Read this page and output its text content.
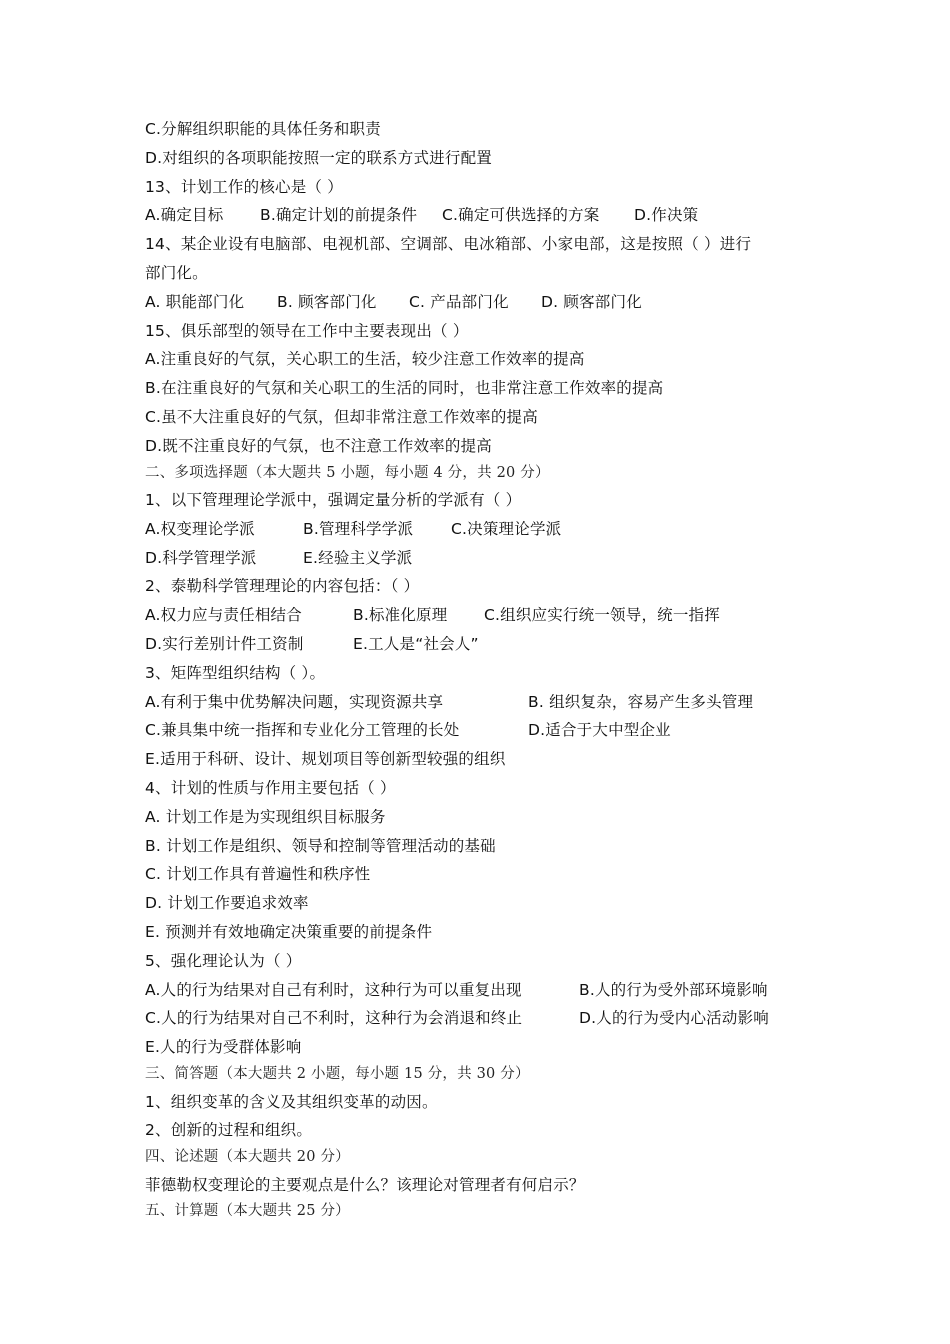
C.分解组织职能的具体任务和职责
D.对组织的各项职能按照一定的联系方式进行配置
13、计划工作的核心是（ ）
A.确定目标	B.确定计划的前提条件	C.确定可供选择的方案	D.作决策
14、某企业设有电脑部、电视机部、空调部、电冰箱部、小家电部，这是按照（ ）进行
部门化。
A. 职能部门化	B. 顾客部门化	C. 产品部门化	D. 顾客部门化
15、俱乐部型的领导在工作中主要表现出（ ）
A.注重良好的气氛，关心职工的生活，较少注意工作效率的提高
B.在注重良好的气氛和关心职工的生活的同时，也非常注意工作效率的提高
C.虽不大注重良好的气氛，但却非常注意工作效率的提高
D.既不注重良好的气氛，也不注意工作效率的提高
二、多项选择题（本大题共 5 小题，每小题 4 分，共 20 分）
1、以下管理理论学派中，强调定量分析的学派有（ ）
A.权变理论学派	B.管理科学学派	C.决策理论学派
D.科学管理学派	E.经验主义学派
2、泰勒科学管理理论的内容包括：（ ）
A.权力应与责任相结合	B.标准化原理	C.组织应实行统一领导，统一指挥
D.实行差别计件工资制	E.工人是“社会人”
3、矩阵型组织结构（ ）。
A.有利于集中优势解决问题，实现资源共享	B. 组织复杂，容易产生多头管理
C.兼具集中统一指挥和专业化分工管理的长处	D.适合于大中型企业
E.适用于科研、设计、规划项目等创新型较强的组织
4、计划的性质与作用主要包括（ ）
A. 计划工作是为实现组织目标服务
B. 计划工作是组织、领导和控制等管理活动的基础
C. 计划工作具有普遍性和秩序性
D. 计划工作要追求效率
E. 预测并有效地确定决策重要的前提条件
5、强化理论认为（ ）
A.人的行为结果对自己有利时，这种行为可以重复出现	B.人的行为受外部环境影响
C.人的行为结果对自己不利时，这种行为会消退和终止	D.人的行为受内心活动影响
E.人的行为受群体影响
三、简答题（本大题共 2 小题，每小题 15 分，共 30 分）
1、组织变革的含义及其组织变革的动因。
2、创新的过程和组织。
四、论述题（本大题共 20 分）
菲德勒权变理论的主要观点是什么？该理论对管理者有何启示？
五、计算题（本大题共 25 分）
